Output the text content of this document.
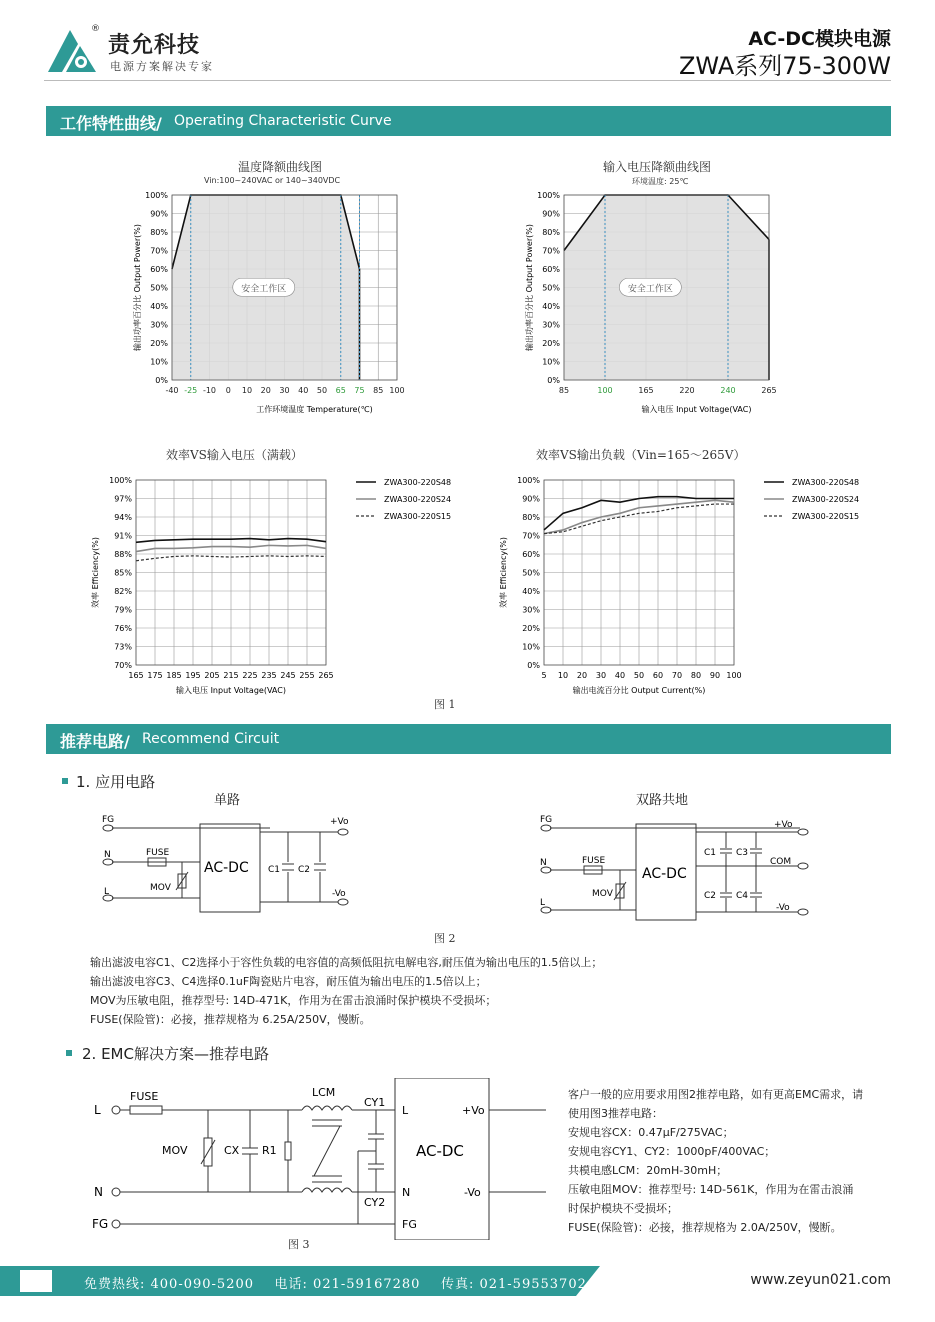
责允科技
®
电源方案解决专家
AC-DC模块电源
ZWA系列75-300W
工作特性曲线/ Operating Characteristic Curve
温度降额曲线图
Vin:100~240VAC or 140~340VDC
输入电压降额曲线图
环境温度: 25℃
效率VS输入电压（满载）	效率VS输出负载（Vin=165～265V）
-40 -25 -10 0 10 20 30 40 50 65 75 85 100
0%
10%
20%
30%
40%
50%
60%
70%
80%
90%
100%
安全工作区
工作环境温度 Temperature(℃)
输出功率百分比 Output Power(%)
85	100	165	220	240	265
0%
10%
20%
30%
40%
50%
60%
70%
80%
90%
100%
安全工作区
输入电压 Input Voltage(VAC)
输出功率百分比 Output Power(%)
ZWA300-220S48
ZWA300-220S24
ZWA300-220S15
165 175 185 195 205 215 225 235 245 255 265
70%
73%
76%
79%
82%
85%
88%
91%
94%
97%
100%
输入电压 Input Voltage(VAC)
效率 Efficiency(%)
ZWA300-220S48
ZWA300-220S24
ZWA300-220S15
5 10 20 30 40 50 60 70 80 90 100
0%
10%
20%
30%
40%
50%
60%
70%
80%
90%
100%
输出电流百分比 Output Current(%)
效率 Efficiency(%)
图 1
推荐电路/ Recommend Circuit
1. 应用电路
单路	双路共地
FG
N
L
FUSE
MOV
AC-DC C1 C2
+Vo
-Vo
FG
N
L
FUSE
MOV
AC-DC
C1 C3
C2 C4
+Vo
COM
-Vo
图 2
输出滤波电容C1、C2选择小于容性负载的电容值的高频低阻抗电解电容,耐压值为输出电压的1.5倍以上；
输出滤波电容C3、C4选择0.1uF陶瓷贴片电容，耐压值为输出电压的1.5倍以上；
MOV为压敏电阻，推荐型号: 14D-471K，作用为在雷击浪涌时保护模块不受损坏；
FUSE(保险管)：必接，推荐规格为 6.25A/250V，慢断。
2. EMC解决方案—推荐电路
L
N
FG
FUSE	LCM
CY1
CY2
MOV	CX R1
L
N
FG
AC-DC
+Vo
-Vo
客户一般的应用要求用图2推荐电路，如有更高EMC需求，请
使用图3推荐电路：
安规电容CX：0.47μF/275VAC；
安规电容CY1、CY2：1000pF/400VAC；
共模电感LCM：20mH-30mH；
压敏电阻MOV：推荐型号: 14D-561K，作用为在雷击浪涌
时保护模块不受损坏；
FUSE(保险管)：必接，推荐规格为 2.0A/250V，慢断。
图 3
免费热线: 400-090-5200 电话: 021-59167280 传真: 021-59553702	www.zeyun021.com
